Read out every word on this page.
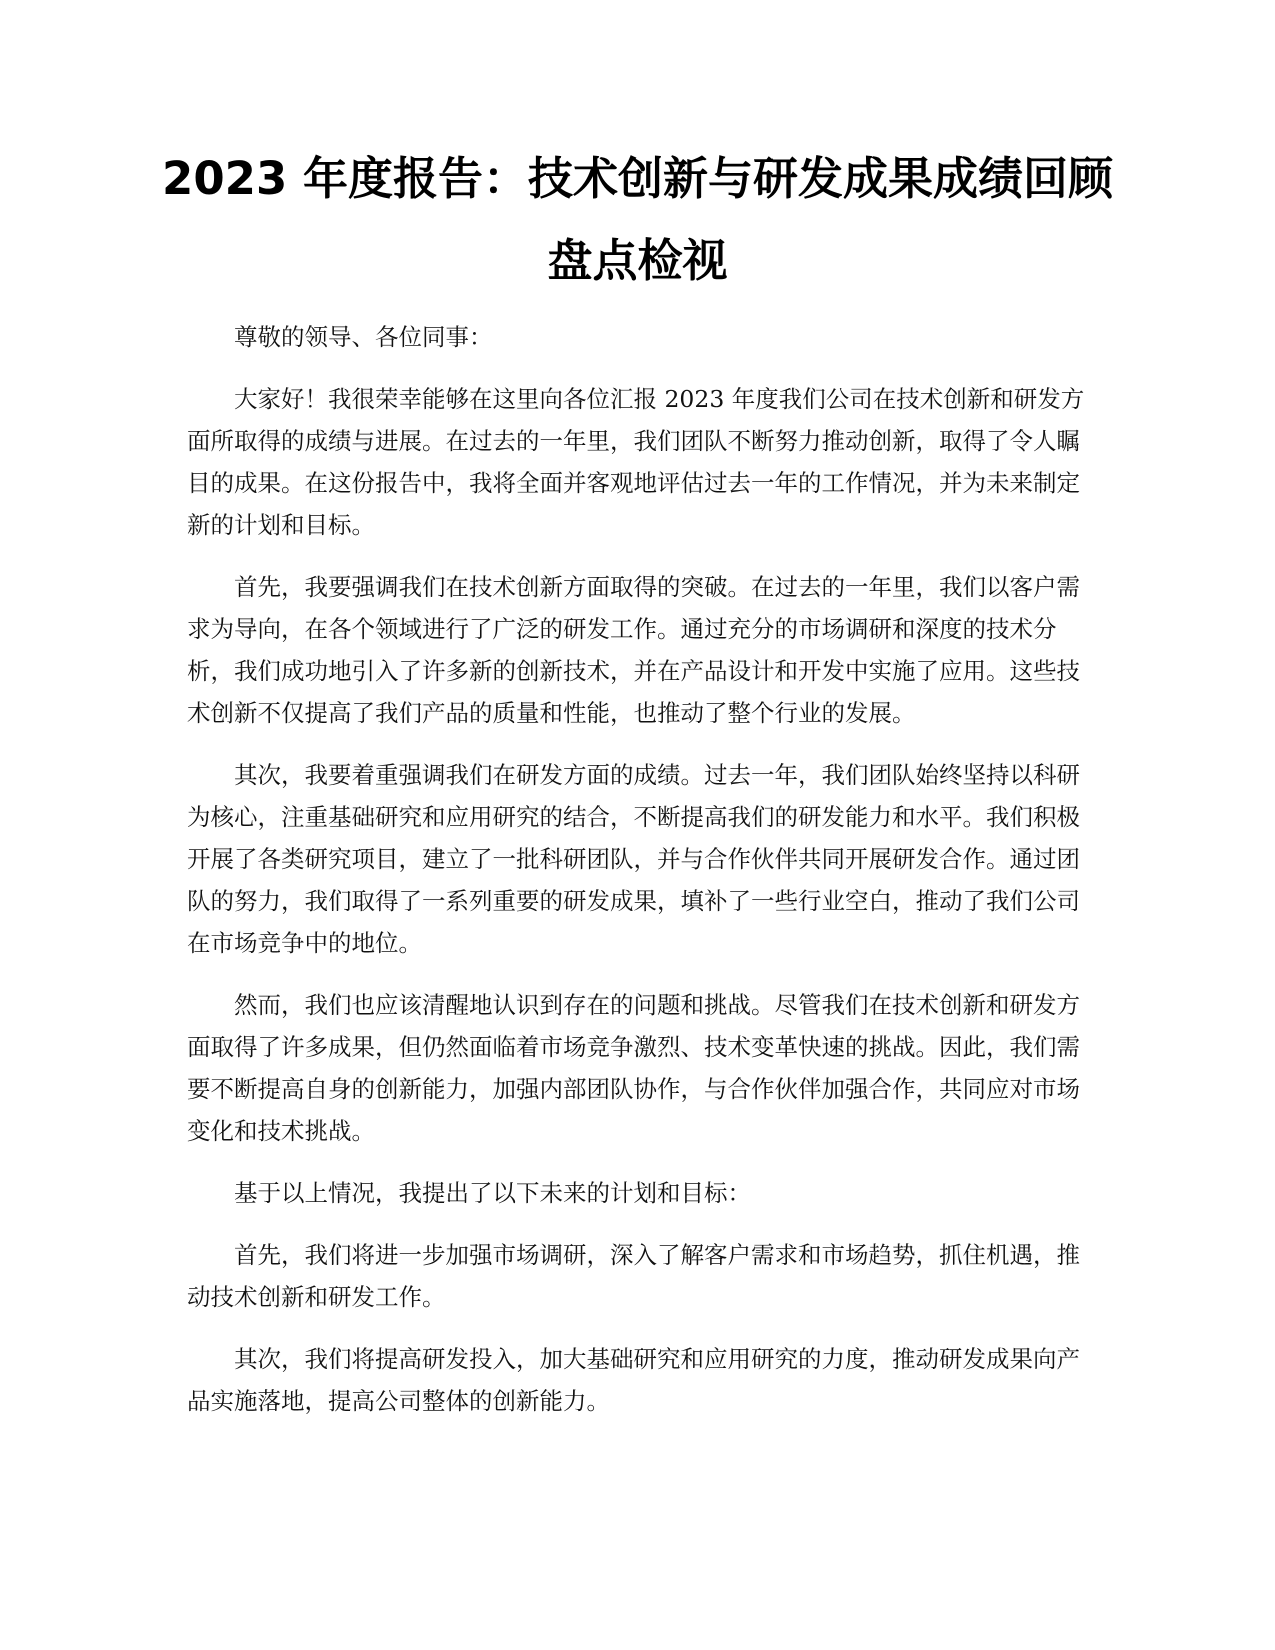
2023 年度报告：技术创新与研发成果成绩回顾盘点检视

尊敬的领导、各位同事：

大家好！我很荣幸能够在这里向各位汇报 2023 年度我们公司在技术创新和研发方面所取得的成绩与进展。在过去的一年里，我们团队不断努力推动创新，取得了令人瞩目的成果。在这份报告中，我将全面并客观地评估过去一年的工作情况，并为未来制定新的计划和目标。

首先，我要强调我们在技术创新方面取得的突破。在过去的一年里，我们以客户需求为导向，在各个领域进行了广泛的研发工作。通过充分的市场调研和深度的技术分析，我们成功地引入了许多新的创新技术，并在产品设计和开发中实施了应用。这些技术创新不仅提高了我们产品的质量和性能，也推动了整个行业的发展。

其次，我要着重强调我们在研发方面的成绩。过去一年，我们团队始终坚持以科研为核心，注重基础研究和应用研究的结合，不断提高我们的研发能力和水平。我们积极开展了各类研究项目，建立了一批科研团队，并与合作伙伴共同开展研发合作。通过团队的努力，我们取得了一系列重要的研发成果，填补了一些行业空白，推动了我们公司在市场竞争中的地位。

然而，我们也应该清醒地认识到存在的问题和挑战。尽管我们在技术创新和研发方面取得了许多成果，但仍然面临着市场竞争激烈、技术变革快速的挑战。因此，我们需要不断提高自身的创新能力，加强内部团队协作，与合作伙伴加强合作，共同应对市场变化和技术挑战。

基于以上情况，我提出了以下未来的计划和目标：

首先，我们将进一步加强市场调研，深入了解客户需求和市场趋势，抓住机遇，推动技术创新和研发工作。

其次，我们将提高研发投入，加大基础研究和应用研究的力度，推动研发成果向产品实施落地，提高公司整体的创新能力。
